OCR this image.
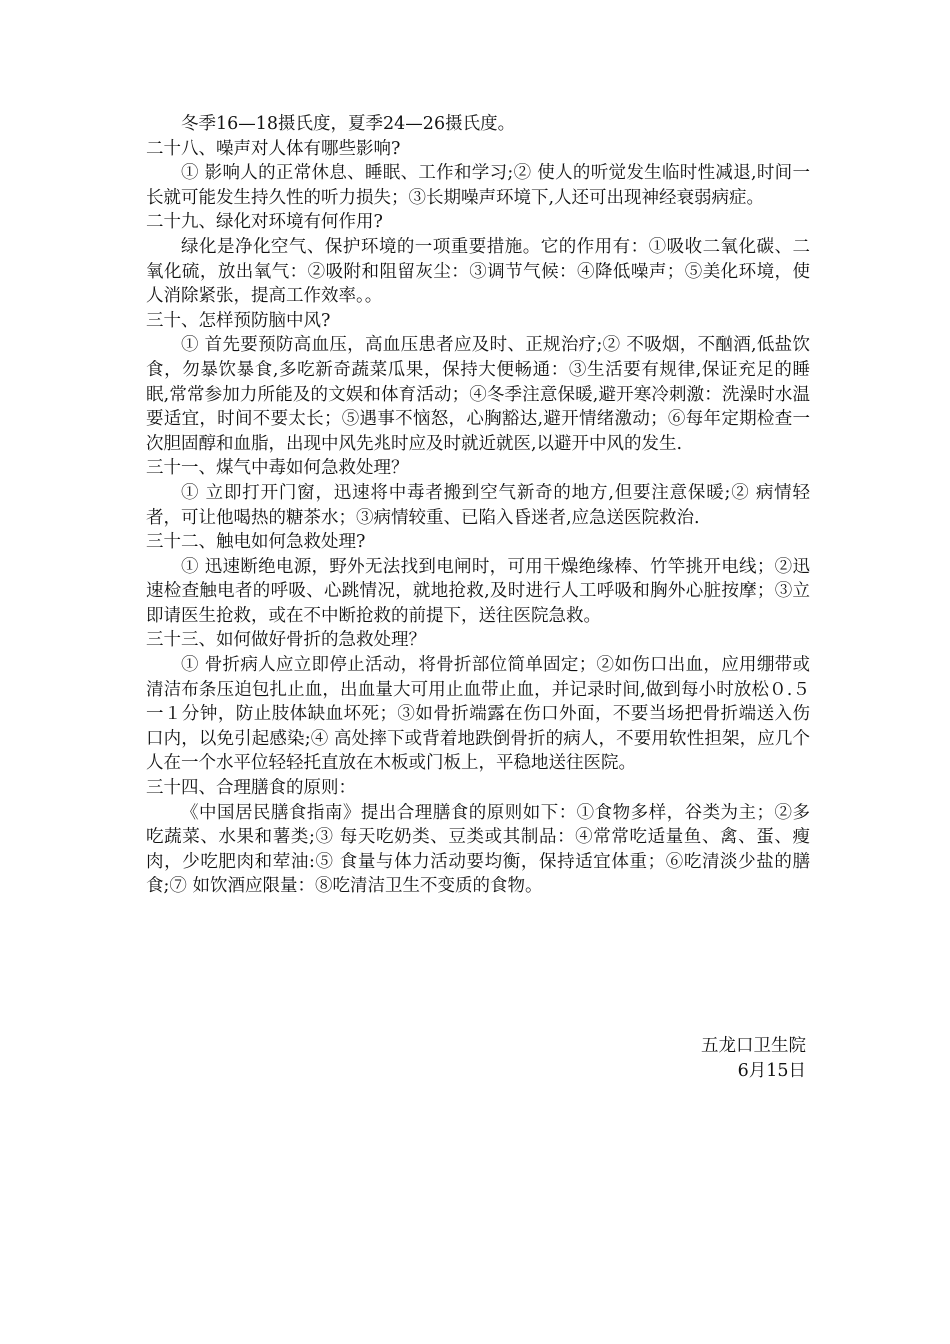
冬季16—18摄氏度，夏季24—26摄氏度。

二十八、噪声对人体有哪些影响?

① 影响人的正常休息、睡眠、工作和学习;② 使人的听觉发生临时性减退,时间一长就可能发生持久性的听力损失；③长期噪声环境下,人还可出现神经衰弱病症。

二十九、绿化对环境有何作用?

绿化是净化空气、保护环境的一项重要措施。它的作用有：①吸收二氧化碳、二氧化硫，放出氧气：②吸附和阻留灰尘：③调节气候：④降低噪声；⑤美化环境，使人消除紧张，提高工作效率。。

三十、怎样预防脑中风?

① 首先要预防高血压，高血压患者应及时、正规治疗;② 不吸烟，不酗酒,低盐饮食，勿暴饮暴食,多吃新奇蔬菜瓜果，保持大便畅通：③生活要有规律,保证充足的睡眠,常常参加力所能及的文娱和体育活动；④冬季注意保暖,避开寒冷刺激：洗澡时水温要适宜，时间不要太长；⑤遇事不恼怒，心胸豁达,避开情绪激动；⑥每年定期检查一次胆固醇和血脂，出现中风先兆时应及时就近就医,以避开中风的发生.

三十一、煤气中毒如何急救处理？

① 立即打开门窗，迅速将中毒者搬到空气新奇的地方,但要注意保暖;② 病情轻者，可让他喝热的糖茶水；③病情较重、已陷入昏迷者,应急送医院救治.

三十二、触电如何急救处理?

① 迅速断绝电源，野外无法找到电闸时，可用干燥绝缘棒、竹竿挑开电线；②迅速检查触电者的呼吸、心跳情况，就地抢救,及时进行人工呼吸和胸外心脏按摩；③立即请医生抢救，或在不中断抢救的前提下，送往医院急救。

三十三、如何做好骨折的急救处理？

① 骨折病人应立即停止活动，将骨折部位简单固定；②如伤口出血，应用绷带或清洁布条压迫包扎止血，出血量大可用止血带止血，并记录时间,做到每小时放松０.５一１分钟，防止肢体缺血坏死；③如骨折端露在伤口外面，不要当场把骨折端送入伤口内，以免引起感染;④ 高处摔下或背着地跌倒骨折的病人，不要用软性担架，应几个人在一个水平位轻轻托直放在木板或门板上，平稳地送往医院。

三十四、合理膳食的原则：

《中国居民膳食指南》提出合理膳食的原则如下：①食物多样，谷类为主；②多吃蔬菜、水果和薯类;③ 每天吃奶类、豆类或其制品：④常常吃适量鱼、禽、蛋、瘦肉，少吃肥肉和荤油:⑤ 食量与体力活动要均衡，保持适宜体重；⑥吃清淡少盐的膳食;⑦ 如饮酒应限量：⑧吃清洁卫生不变质的食物。

五龙口卫生院
6月15日
